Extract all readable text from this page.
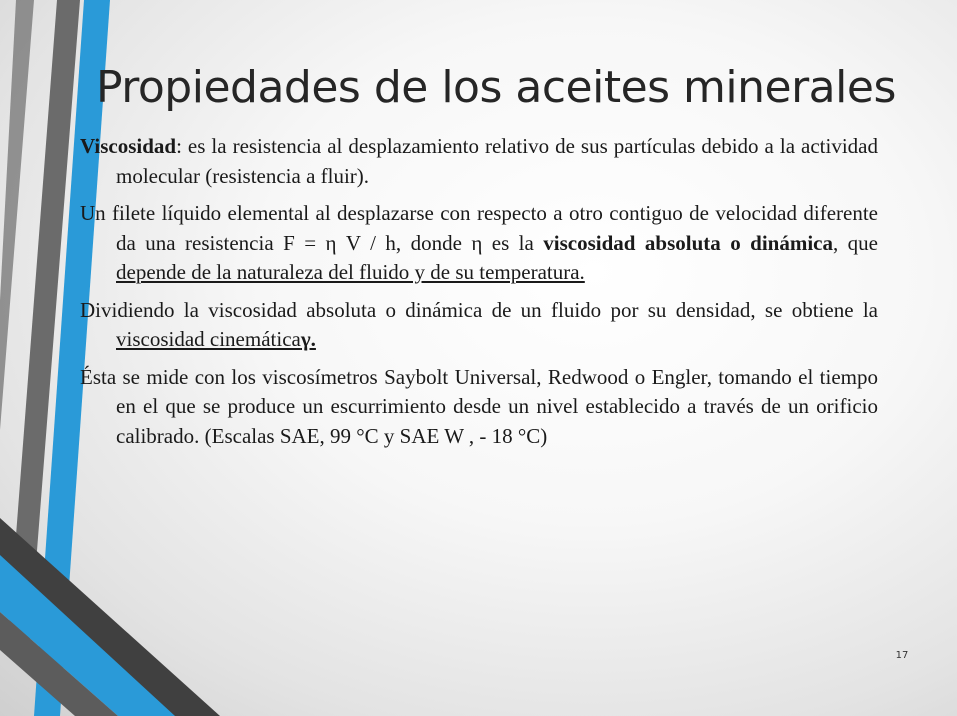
Propiedades de los aceites minerales

Viscosidad: es la resistencia al desplazamiento relativo de sus partículas debido a la actividad molecular (resistencia a fluir).

Un filete líquido elemental al desplazarse con respecto a otro contiguo de velocidad diferente da una resistencia F = η V / h, donde η es la viscosidad absoluta o dinámica, que depende de la naturaleza del fluido y de su temperatura.

Dividiendo la viscosidad absoluta o dinámica de un fluido por su densidad, se obtiene la viscosidad cinemáticaγ.

Ésta se mide con los viscosímetros Saybolt Universal, Redwood o Engler, tomando el tiempo en el que se produce un escurrimiento desde un nivel establecido a través de un orificio calibrado. (Escalas SAE, 99 °C y SAE W , - 18 °C)

17
